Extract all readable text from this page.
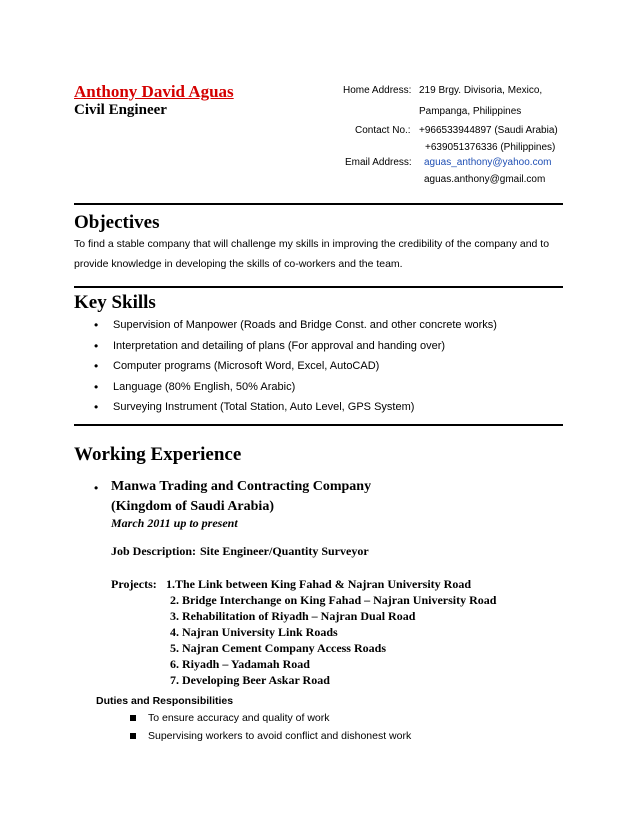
Anthony David Aguas
Civil Engineer
Home Address: 219 Brgy. Divisoria, Mexico,
Pampanga, Philippines
Contact No.: +966533944897 (Saudi Arabia)
+639051376336 (Philippines)
Email Address: aguas_anthony@yahoo.com
aguas.anthony@gmail.com
Objectives
To find a stable company that will challenge my skills in improving the credibility of the company and to provide knowledge in developing the skills of co-workers and the team.
Key Skills
• Supervision of Manpower (Roads and Bridge Const. and other concrete works)
• Interpretation and detailing of plans (For approval and handing over)
• Computer programs (Microsoft Word, Excel, AutoCAD)
• Language (80% English, 50% Arabic)
• Surveying Instrument (Total Station, Auto Level, GPS System)
Working Experience
• Manwa Trading and Contracting Company
(Kingdom of Saudi Arabia)
March 2011 up to present
Job Description: Site Engineer/Quantity Surveyor
Projects: 1.The Link between King Fahad & Najran University Road
2. Bridge Interchange on King Fahad – Najran University Road
3. Rehabilitation of Riyadh – Najran Dual Road
4. Najran University Link Roads
5. Najran Cement Company Access Roads
6. Riyadh – Yadamah Road
7. Developing Beer Askar Road
Duties and Responsibilities
To ensure accuracy and quality of work
Supervising workers to avoid conflict and dishonest work
